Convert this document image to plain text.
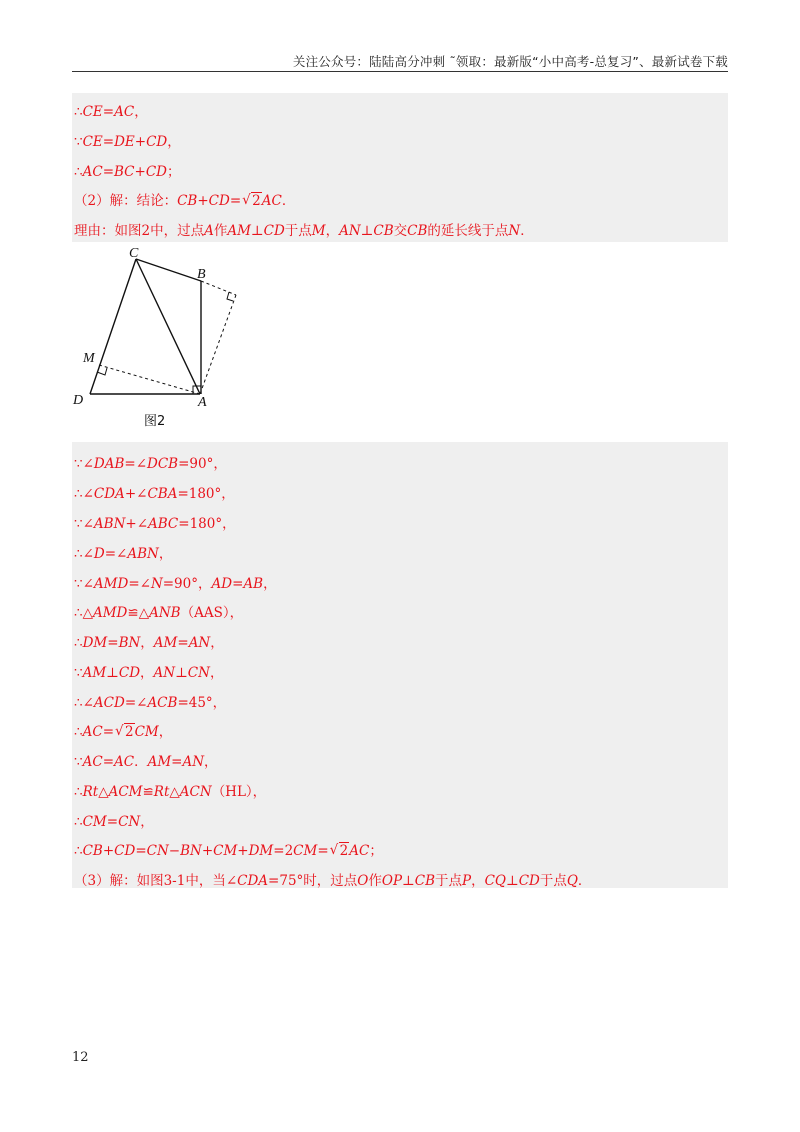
关注公众号：陆陆高分冲刺 ˜领取：最新版“小中高考-总复习”、最新试卷下载
∴CE=AC，
∵CE=DE+CD，
∴AC=BC+CD；
（2）解：结论：CB+CD= √ 2AC．
理由：如图2中，过点A作AM⊥CD于点M，AN⊥CB交CB的延长线于点N．
C
B
M
D	A
图2
∵∠DAB=∠DCB=90°，
∴∠CDA+∠CBA=180°，
∵∠ABN+∠ABC=180°，
∴∠D=∠ABN，
∵∠AMD=∠N=90°，AD=AB，
∴△AMD≌△ANB（AAS），
∴DM=BN，AM=AN，
∵AM⊥CD，AN⊥CN，
∴∠ACD=∠ACB=45°，
∴AC= √ 2CM，
∵AC=AC．AM=AN，
∴Rt△ACM≌Rt△ACN（HL），
∴CM=CN，
∴CB+CD=CN−BN+CM+DM=2CM= √ 2AC；
（3）解：如图3-1中，当∠CDA=75°时，过点O作OP⊥CB于点P，CQ⊥CD于点Q．
12
